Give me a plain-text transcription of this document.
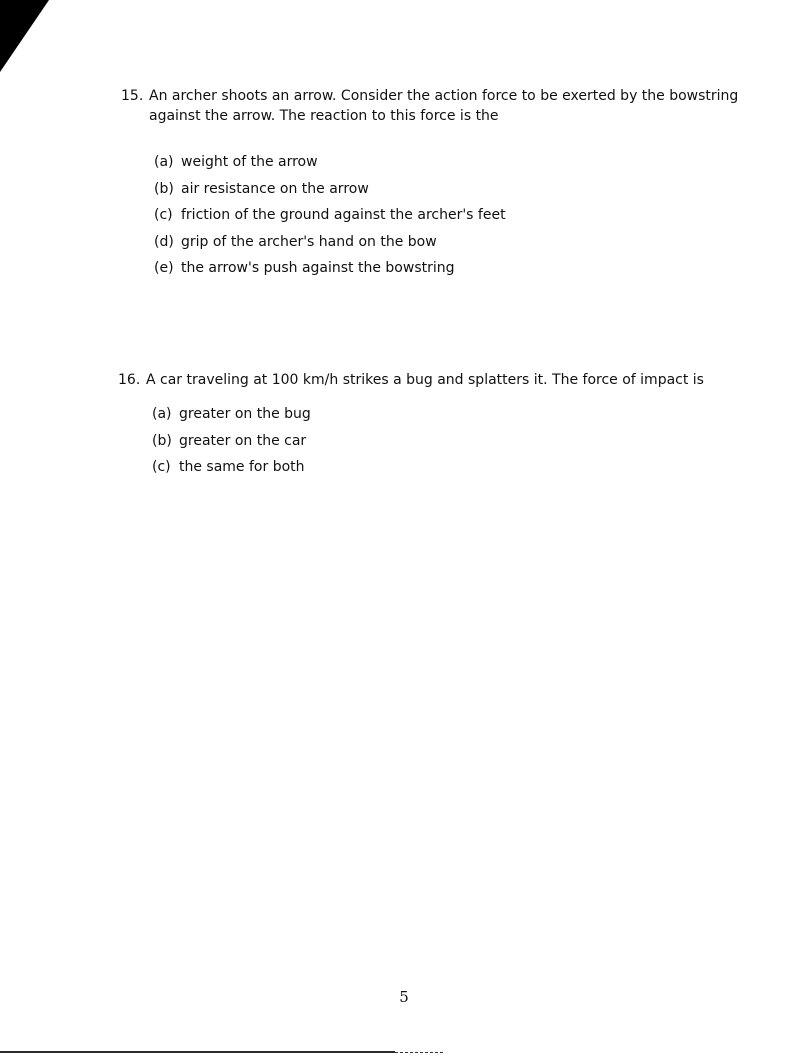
15. An archer shoots an arrow. Consider the action force to be exerted by the bowstring against the arrow. The reaction to this force is the
(a) weight of the arrow
(b) air resistance on the arrow
(c) friction of the ground against the archer's feet
(d) grip of the archer's hand on the bow
(e) the arrow's push against the bowstring
16. A car traveling at 100 km/h strikes a bug and splatters it. The force of impact is
(a) greater on the bug
(b) greater on the car
(c) the same for both
5
